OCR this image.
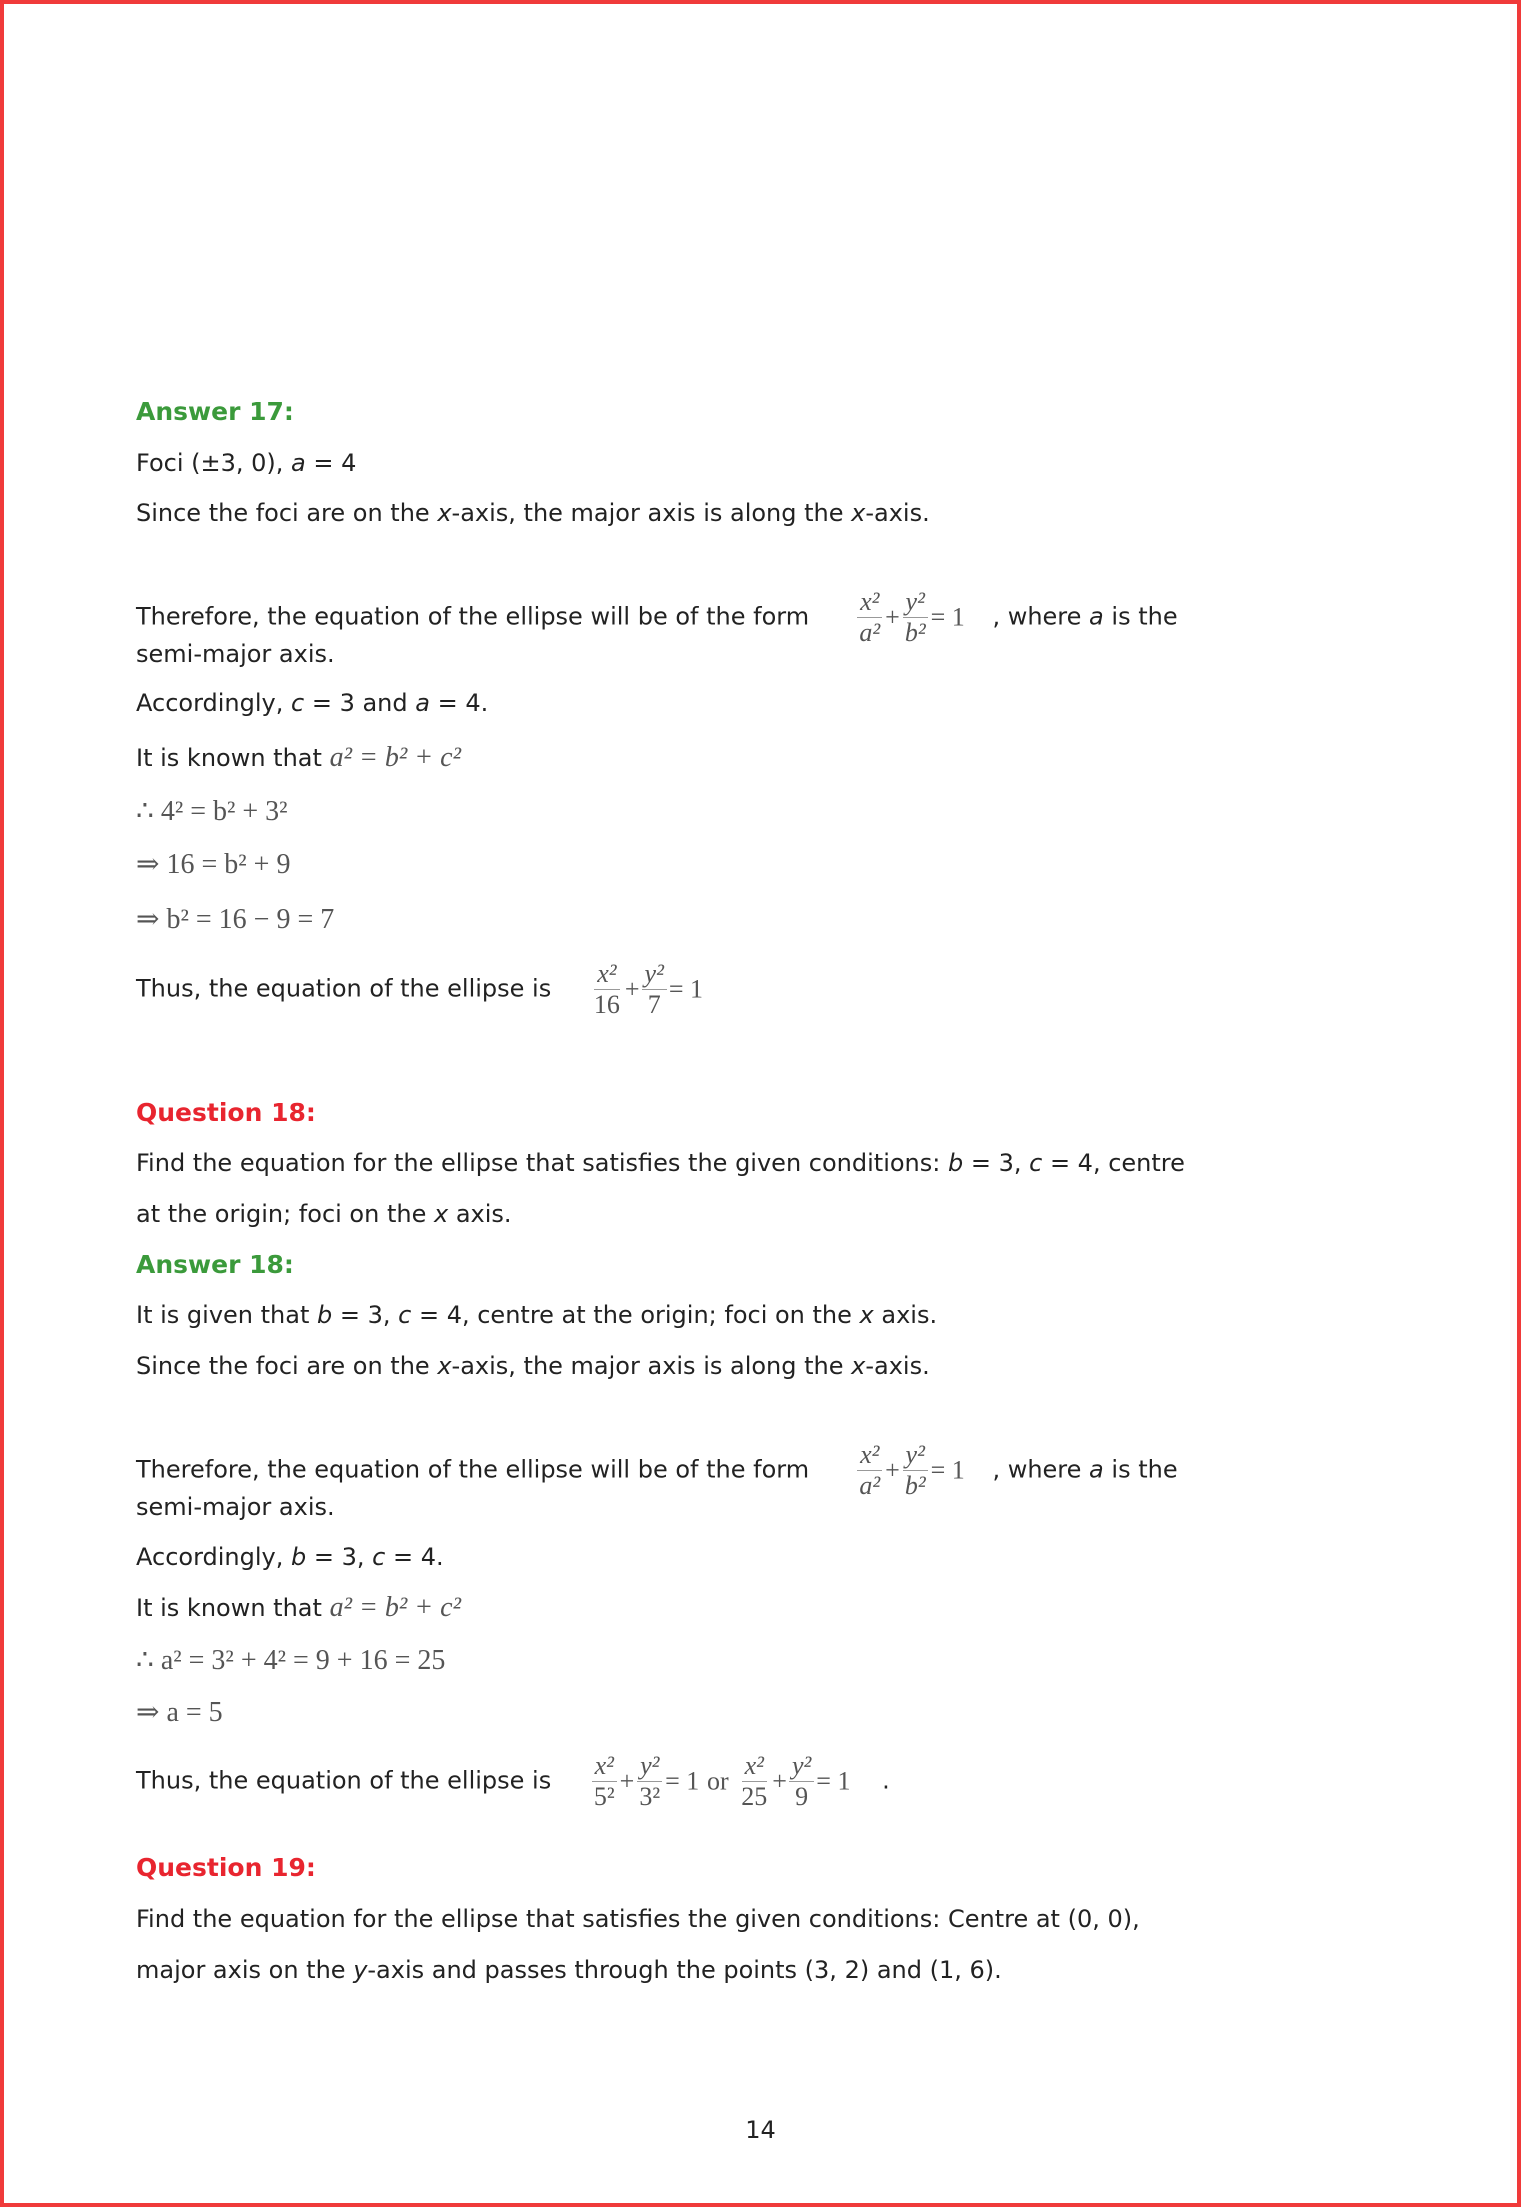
Answer 17:
Foci (±3, 0), a = 4
Since the foci are on the x-axis, the major axis is along the x-axis.
Therefore, the equation of the ellipse will be of the form $\frac{\text{x²}}{\text{a²}} + \frac{\text{y²}}{\text{b²}} = 1$ , where a is the
semi-major axis.
Accordingly, c = 3 and a = 4.
It is known that a² = b² + c²
∴ 4² = b² + 3²
⇒ 16 = b² + 9
⇒ b² = 16 − 9 = 7
Thus, the equation of the ellipse is $\frac{\text{x²}}{16} + \frac{\text{y²}}{7} = 1$
Question 18:
Find the equation for the ellipse that satisfies the given conditions: b = 3, c = 4, centre
at the origin; foci on the x axis.
Answer 18:
It is given that b = 3, c = 4, centre at the origin; foci on the x axis.
Since the foci are on the x-axis, the major axis is along the x-axis.
Therefore, the equation of the ellipse will be of the form $\frac{\text{x²}}{\text{a²}} + \frac{\text{y²}}{\text{b²}} = 1$ , where a is the
semi-major axis.
Accordingly, b = 3, c = 4.
It is known that a² = b² + c²
∴ a² = 3² + 4² = 9 + 16 = 25
⇒ a = 5
Thus, the equation of the ellipse is $\frac{\text{x²}}{\text{5²}} + \frac{\text{y²}}{\text{3²}} = 1$ or $\frac{\text{x²}}{25} + \frac{\text{y²}}{9} = 1$ .
Question 19:
Find the equation for the ellipse that satisfies the given conditions: Centre at (0, 0),
major axis on the y-axis and passes through the points (3, 2) and (1, 6).
14
